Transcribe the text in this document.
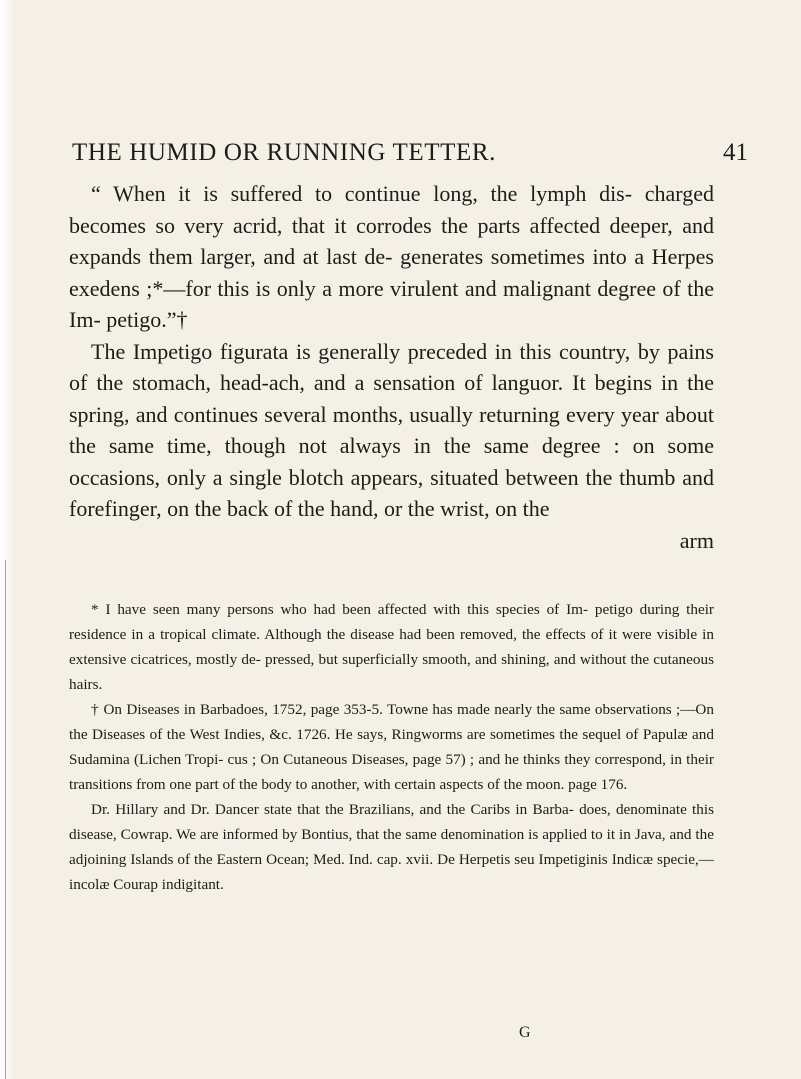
THE HUMID OR RUNNING TETTER.	41

“ When it is suffered to continue long, the lymph dis- charged becomes so very acrid, that it corrodes the parts affected deeper, and expands them larger, and at last de- generates sometimes into a Herpes exedens ;*—for this is only a more virulent and malignant degree of the Im- petigo.”†

The Impetigo figurata is generally preceded in this country, by pains of the stomach, head-ach, and a sensation of languor. It begins in the spring, and continues several months, usually returning every year about the same time, though not always in the same degree : on some occasions, only a single blotch appears, situated between the thumb and forefinger, on the back of the hand, or the wrist, on the

arm

* I have seen many persons who had been affected with this species of Im- petigo during their residence in a tropical climate. Although the disease had been removed, the effects of it were visible in extensive cicatrices, mostly de- pressed, but superficially smooth, and shining, and without the cutaneous hairs.

† On Diseases in Barbadoes, 1752, page 353-5. Towne has made nearly the same observations ;—On the Diseases of the West Indies, &c. 1726. He says, Ringworms are sometimes the sequel of Papulæ and Sudamina (Lichen Tropi- cus ; On Cutaneous Diseases, page 57) ; and he thinks they correspond, in their transitions from one part of the body to another, with certain aspects of the moon. page 176.

Dr. Hillary and Dr. Dancer state that the Brazilians, and the Caribs in Barba- does, denominate this disease, Cowrap. We are informed by Bontius, that the same denomination is applied to it in Java, and the adjoining Islands of the Eastern Ocean; Med. Ind. cap. xvii. De Herpetis seu Impetiginis Indicæ specie,—incolæ Courap indigitant.

G
